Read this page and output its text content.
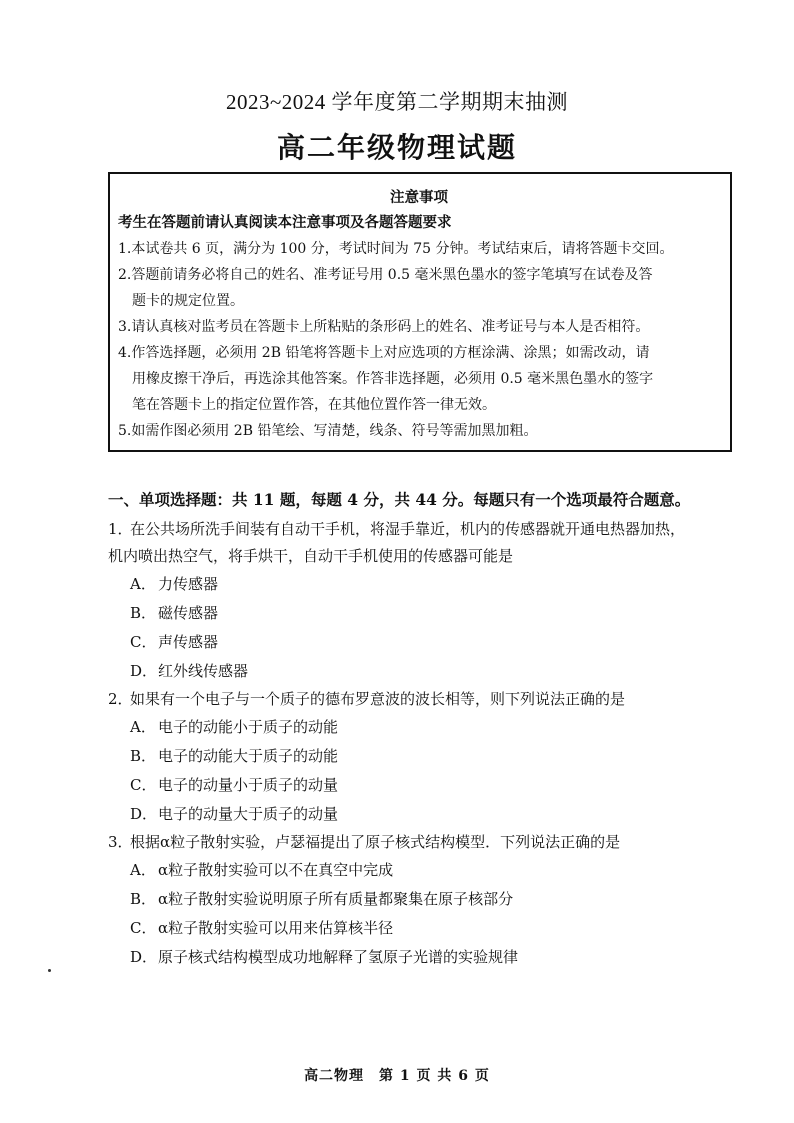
2023~2024 学年度第二学期期末抽测
高二年级物理试题
注意事项
考生在答题前请认真阅读本注意事项及各题答题要求

1.本试卷共 6 页，满分为 100 分，考试时间为 75 分钟。考试结束后，请将答题卡交回。

2.答题前请务必将自己的姓名、准考证号用 0.5 毫米黑色墨水的签字笔填写在试卷及答

题卡的规定位置。

3.请认真核对监考员在答题卡上所粘贴的条形码上的姓名、准考证号与本人是否相符。

4.作答选择题，必须用 2B 铅笔将答题卡上对应选项的方框涂满、涂黑；如需改动，请

用橡皮擦干净后，再选涂其他答案。作答非选择题，必须用 0.5 毫米黑色墨水的签字

笔在答题卡上的指定位置作答，在其他位置作答一律无效。

5.如需作图必须用 2B 铅笔绘、写清楚，线条、符号等需加黑加粗。

一、单项选择题：共 11 题，每题 4 分，共 44 分。每题只有一个选项最符合题意。

1．在公共场所洗手间装有自动干手机，将湿手靠近，机内的传感器就开通电热器加热，

机内喷出热空气，将手烘干，自动干手机使用的传感器可能是

A． 力传感器
B． 磁传感器
C． 声传感器
D．红外线传感器

2．如果有一个电子与一个质子的德布罗意波的波长相等，则下列说法正确的是

A． 电子的动能小于质子的动能
B． 电子的动能大于质子的动能
C． 电子的动量小于质子的动量
D．电子的动量大于质子的动量

3．根据α粒子散射实验，卢瑟福提出了原子核式结构模型．下列说法正确的是

A． α粒子散射实验可以不在真空中完成
B． α粒子散射实验说明原子所有质量都聚集在原子核部分
C． α粒子散射实验可以用来估算核半径
D．原子核式结构模型成功地解释了氢原子光谱的实验规律
高二物理　第 1 页 共 6 页
